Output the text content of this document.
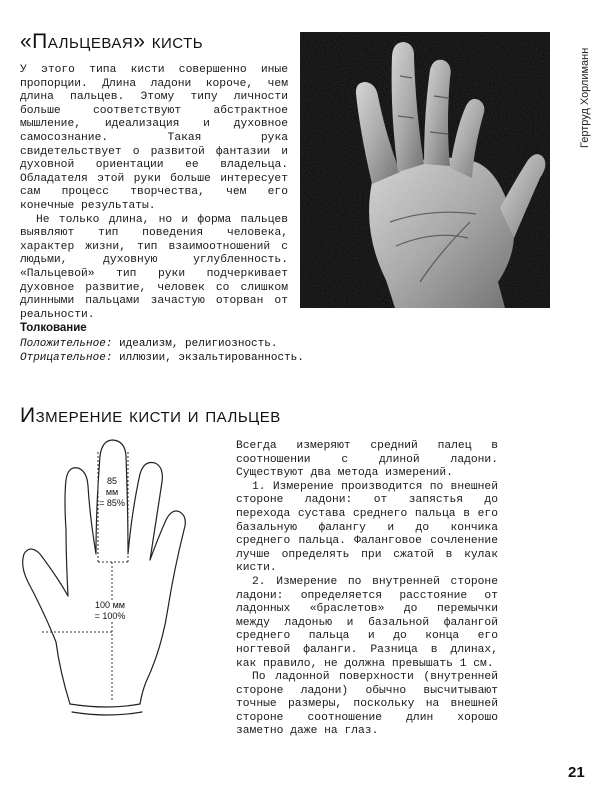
Гертруд Хорлиманн
«Пальцевая» кисть

У этого типа кисти совершенно иные пропорции. Длина ладони короче, чем длина пальцев. Этому типу личности больше соответствуют абстрактное мышление, идеализация и духовное самосознание. Такая рука свидетельствует о развитой фантазии и духовной ориентации ее владельца. Обладателя этой руки больше интересует сам процесс творчества, чем его конечные результаты.

Не только длина, но и форма пальцев выявляют тип поведения человека, характер жизни, тип взаимоотношений с людьми, духовную углубленность. «Пальцевой» тип руки подчеркивает духовное развитие, человек со слишком длинными пальцами зачастую оторван от реальности.

Толкование
Положительное: идеализм, религиозность.
Отрицательное: иллюзии, экзальтированность.
Измерение кисти и пальцев
85
мм
= 85%
100 мм
= 100%

Всегда измеряют средний палец в соотношении с длиной ладони. Существуют два метода измерений.

1. Измерение производится по внешней стороне ладони: от запястья до перехода сустава среднего пальца в его базальную фалангу и до кончика среднего пальца. Фаланговое сочленение лучше определять при сжатой в кулак кисти.

2. Измерение по внутренней стороне ладони: определяется расстояние от ладонных «браслетов» до перемычки между ладонью и базальной фалангой среднего пальца и до конца его ногтевой фаланги. Разница в длинах, как правило, не должна превышать 1 см.

По ладонной поверхности (внутренней стороне ладони) обычно высчитывают точные размеры, поскольку на внешней стороне соотношение длин хорошо заметно даже на глаз.

21
